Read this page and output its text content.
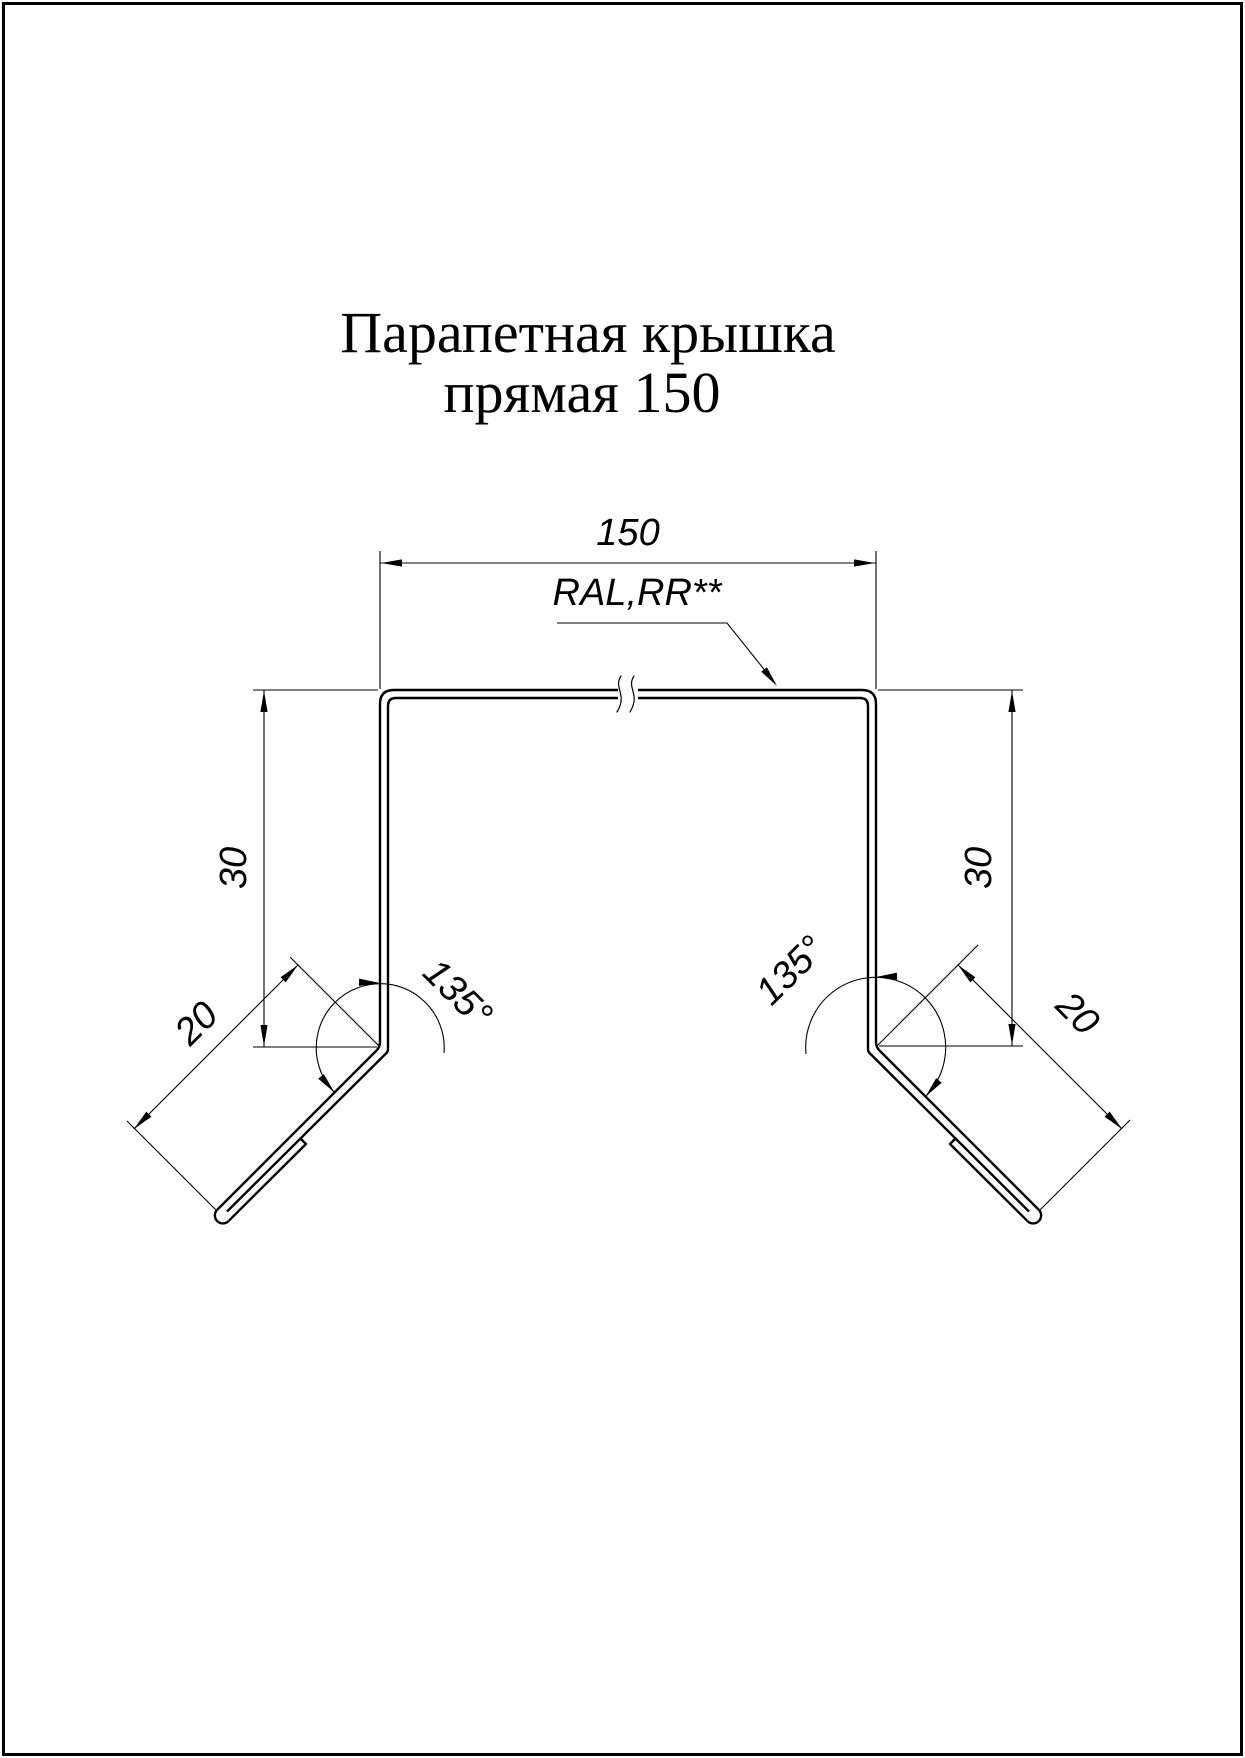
Парапетная крышка
прямая 150
150
RAL,RR**
30	30
20	20
135°	135°
